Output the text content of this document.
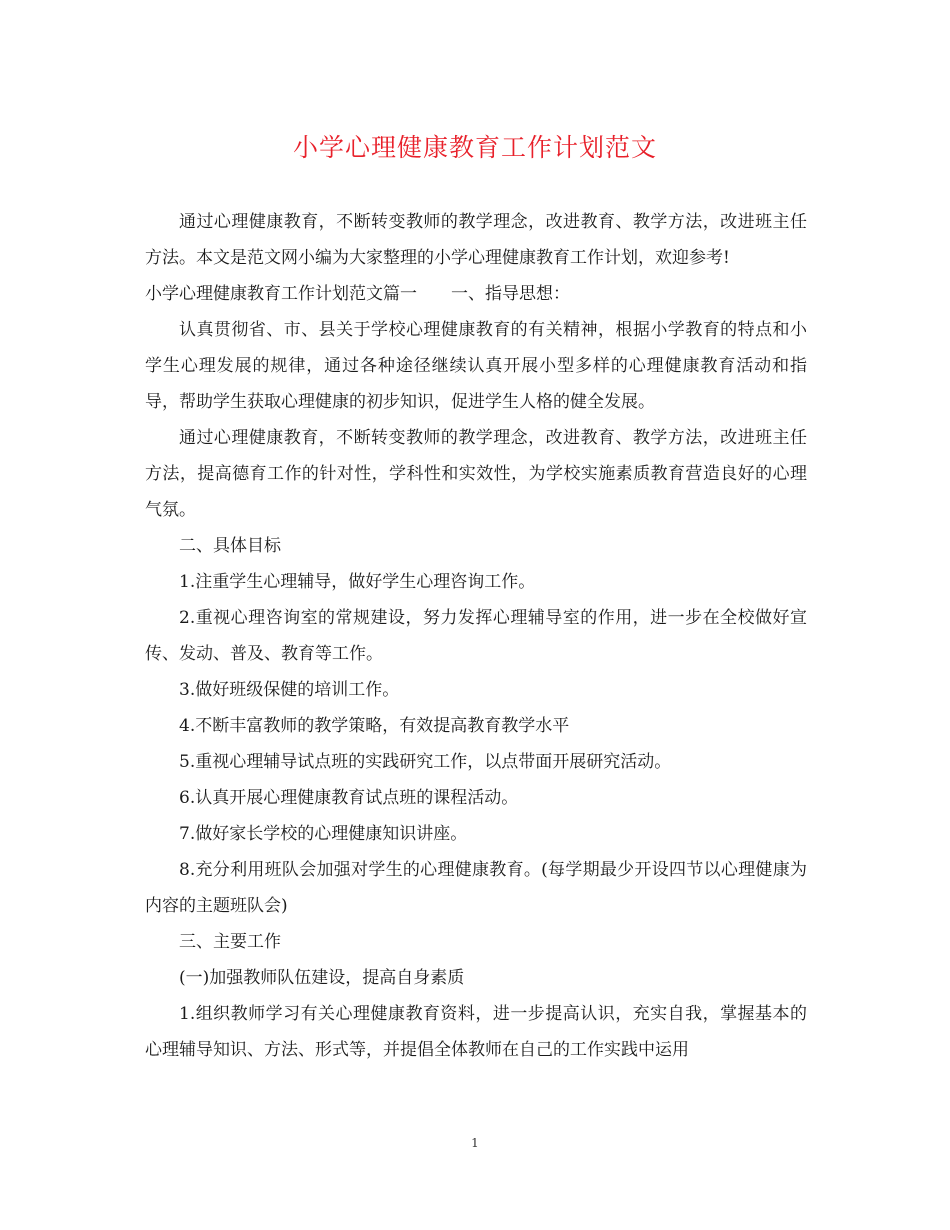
小学心理健康教育工作计划范文

通过心理健康教育，不断转变教师的教学理念，改进教育、教学方法，改进班主任方法。本文是范文网小编为大家整理的小学心理健康教育工作计划，欢迎参考!

小学心理健康教育工作计划范文篇一　　一、指导思想：

认真贯彻省、市、县关于学校心理健康教育的有关精神，根据小学教育的特点和小学生心理发展的规律，通过各种途径继续认真开展小型多样的心理健康教育活动和指导，帮助学生获取心理健康的初步知识，促进学生人格的健全发展。

通过心理健康教育，不断转变教师的教学理念，改进教育、教学方法，改进班主任方法，提高德育工作的针对性，学科性和实效性，为学校实施素质教育营造良好的心理气氛。

二、具体目标

1.注重学生心理辅导，做好学生心理咨询工作。

2.重视心理咨询室的常规建设，努力发挥心理辅导室的作用，进一步在全校做好宣传、发动、普及、教育等工作。

3.做好班级保健的培训工作。

4.不断丰富教师的教学策略，有效提高教育教学水平

5.重视心理辅导试点班的实践研究工作，以点带面开展研究活动。

6.认真开展心理健康教育试点班的课程活动。

7.做好家长学校的心理健康知识讲座。

8.充分利用班队会加强对学生的心理健康教育。(每学期最少开设四节以心理健康为内容的主题班队会)

三、主要工作

(一)加强教师队伍建设，提高自身素质

1.组织教师学习有关心理健康教育资料，进一步提高认识，充实自我，掌握基本的心理辅导知识、方法、形式等，并提倡全体教师在自己的工作实践中运用

1
